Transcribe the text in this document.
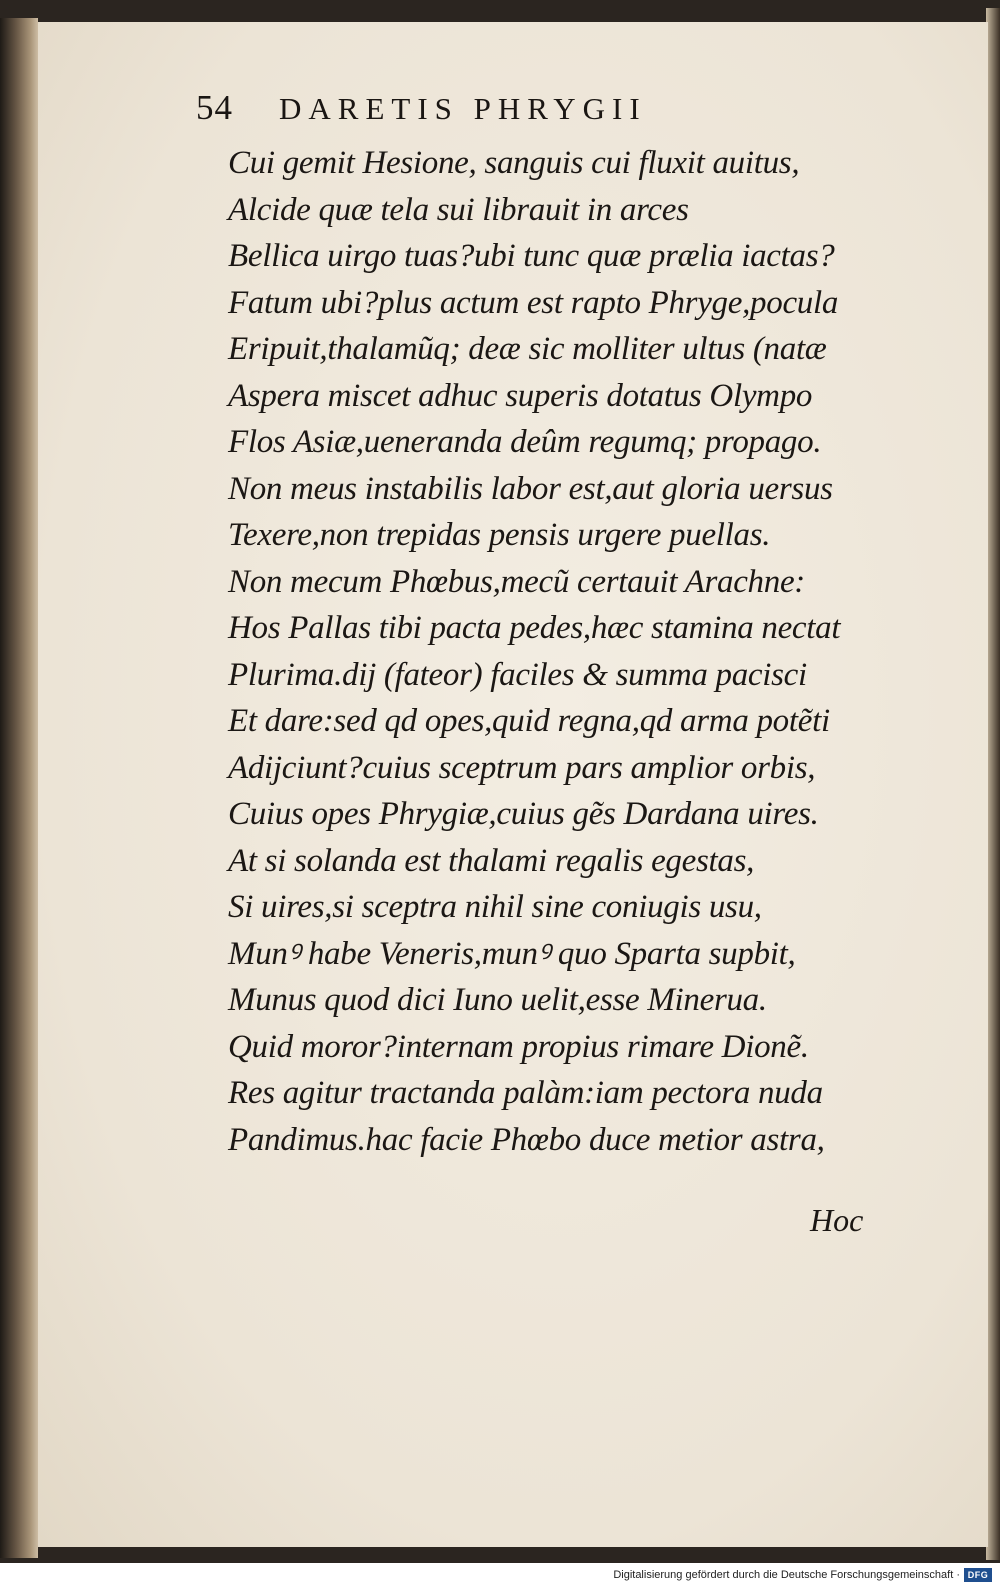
54 DARETIS PHRYGII
Cui gemit Hesione, sanguis cui fluxit auitus,
Alcide quæ tela sui librauit in arces
Bellica uirgo tuas?ubi tunc quæ prælia iactas?
Fatum ubi?plus actum est rapto Phryge,pocula
Eripuit,thalamũq; deæ sic molliter ultus (natæ
Aspera miscet adhuc superis dotatus Olympo
Flos Asiæ,ueneranda deûm regumq; propago.
Non meus instabilis labor est,aut gloria uersus
Texere,non trepidas pensis urgere puellas.
Non mecum Phœbus,mecũ certauit Arachne:
Hos Pallas tibi pacta pedes,hæc stamina nectat
Plurima.dij (fateor) faciles & summa pacisci
Et dare:sed qd opes,quid regna,qd arma potẽti
Adijciunt?cuius sceptrum pars amplior orbis,
Cuius opes Phrygiæ,cuius gẽs Dardana uires.
At si solanda est thalami regalis egestas,
Si uires,si sceptra nihil sine coniugis usu,
Munꝰ habe Veneris,munꝰ quo Sparta supbit,
Munus quod dici Iuno uelit,esse Minerua.
Quid moror?internam propius rimare Dionẽ.
Res agitur tractanda palàm:iam pectora nuda
Pandimus.hac facie Phœbo duce metior astra,
Hoc
Digitalisierung gefördert durch die Deutsche Forschungsgemeinschaft · DFG
